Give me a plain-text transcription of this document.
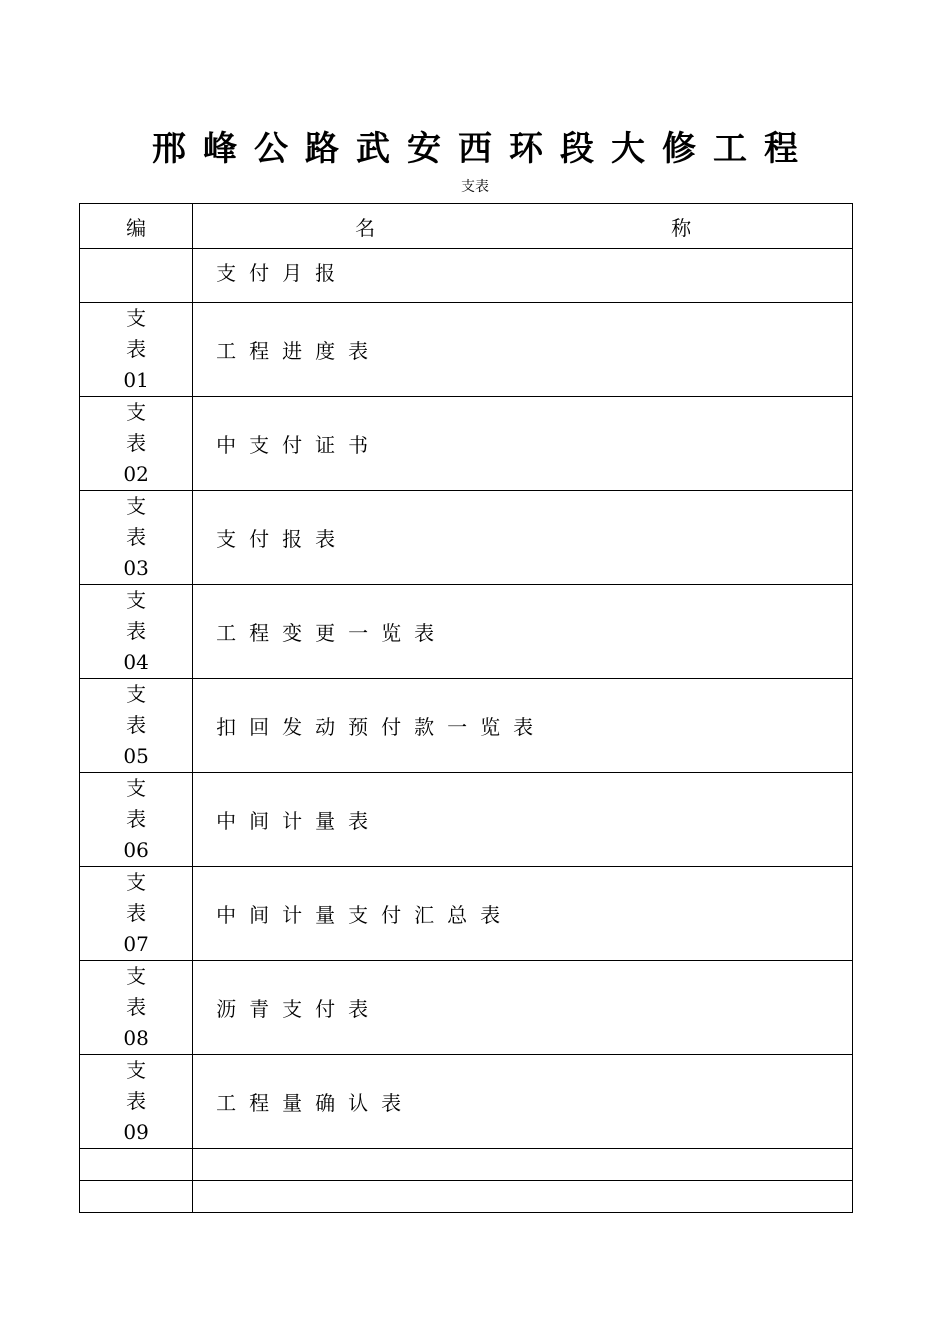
邢峰公路武安西环段大修工程
支表
编	名 称

	支付月报

支
表
01	工程进度表

支
表
02	中支付证书

支
表
03	支付报表

支
表
04	工程变更一览表

支
表
05	扣回发动预付款一览表

支
表
06	中间计量表

支
表
07	中间计量支付汇总表

支
表
08	沥青支付表

支
表
09	工程量确认表
